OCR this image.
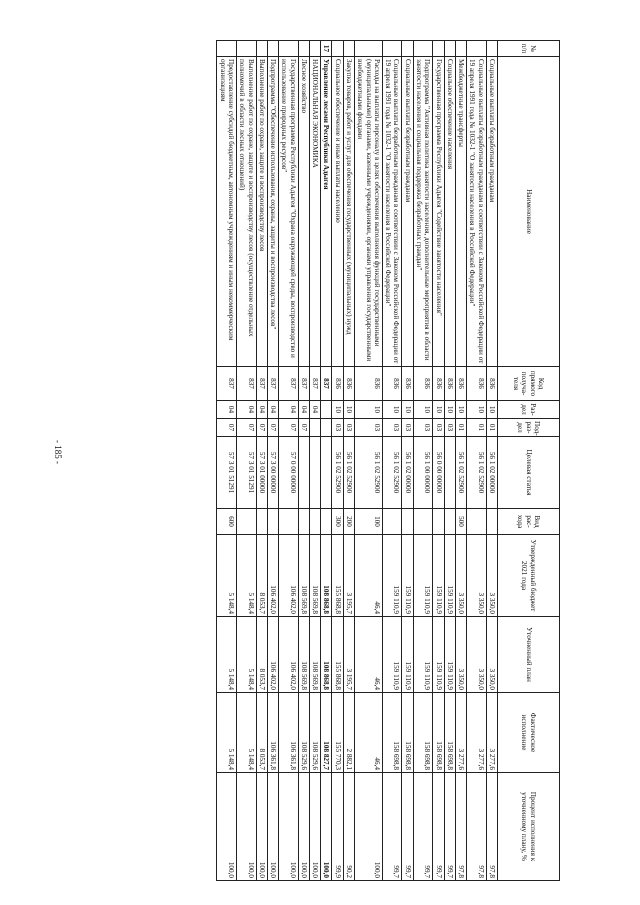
- 185 -
№ п/п	Наименование	Код прямого получа-теля	Раз-дел	Под-раз-дел	Целевая статья	Вид рас-хода	Утвержденный бюджет 2021 года	Уточненный план	Фактическое исполнение	Процент исполнения к уточненному плану, %
	Социальные выплаты безработным гражданам	836	10	01	56 1 02 00000		3 350,0	3 350,0	3 277,6	97,8
	Социальные выплаты безработным гражданам в соответствии с Законом Российской Федерации от 19 апреля 1991 года № 1032-1 "О занятости населения в Российской Федерации"	836	10	01	56 1 02 52900		3 350,0	3 350,0	3 277,6	97,8
	Межбюджетные трансферты	836	10	01	56 1 02 52900	500	3 350,0	3 350,0	3 277,6	97,8
	Социальное обеспечение населения	836	10	03			159 110,9	159 110,9	158 698,8	99,7
	Государственная программа Республики Адыгея "Содействие занятости населения"	836	10	03	56 0 00 00000		159 110,9	159 110,9	158 698,8	99,7
	Подпрограмма "Активная политика занятости населения, дополнительные мероприятия в области занятости населения и социальная поддержка безработных граждан"	836	10	03	56 1 00 00000		159 110,9	159 110,9	158 698,8	99,7
	Социальные выплаты безработным гражданам	836	10	03	56 1 02 00000		159 110,9	159 110,9	158 698,8	99,7
	Социальные выплаты безработным гражданам в соответствии с Законом Российской Федерации от 19 апреля 1991 года № 1032-1 "О занятости населения в Российской Федерации"	836	10	03	56 1 02 52900		159 110,9	159 110,9	158 698,8	99,7
	Расходы на выплаты персоналу в целях обеспечения выполнения функций государственными (муниципальными) органами, казенными учреждениями, органами управления государственными внебюджетными фондами	836	10	03	56 1 02 52900	100	46,4	46,4	46,4	100,0
	Закупка товаров, работ и услуг для обеспечения государственных (муниципальных) нужд	836	10	03	56 1 02 52900	200	3 195,7	3 195,7	2 882,1	90,2
	Социальное обеспечение и иные выплаты населению	836	10	03	56 1 02 52900	300	155 868,8	155 868,8	155 770,3	99,9
17	Управление лесами Республики Адыгея	837					108 868,8	108 868,8	108 827,7	100,0
	НАЦИОНАЛЬНАЯ ЭКОНОМИКА	837	04				108 569,8	108 569,8	108 529,6	100,0
	Лесное хозяйство	837	04	07			108 569,8	108 569,8	108 529,6	100,0
	Государственная программа Республики Адыгея "Охрана окружающей среды, воспроизводство и использование природных ресурсов"	837	04	07	57 0 00 00000		106 402,0	106 402,0	106 361,8	100,0
	Подпрограмма "Обеспечение использования, охраны, защиты и воспроизводства лесов"	837	04	07	57 3 00 00000		106 402,0	106 402,0	106 361,8	100,0
	Выполнение работ по охране, защите и воспроизводству лесов	837	04	07	57 3 01 00000		8 053,7	8 053,7	8 053,7	100,0
	Выполнение работ по охране, защите и воспроизводству лесов (осуществление отдельных полномочий в области лесных отношений)	837	04	07	57 3 01 51291		5 148,4	5 148,4	5 148,4	100,0
	Предоставление субсидий бюджетным, автономным учреждениям и иным некоммерческим организациям	837	04	07	57 3 01 51291	600	5 148,4	5 148,4	5 148,4	100,0
